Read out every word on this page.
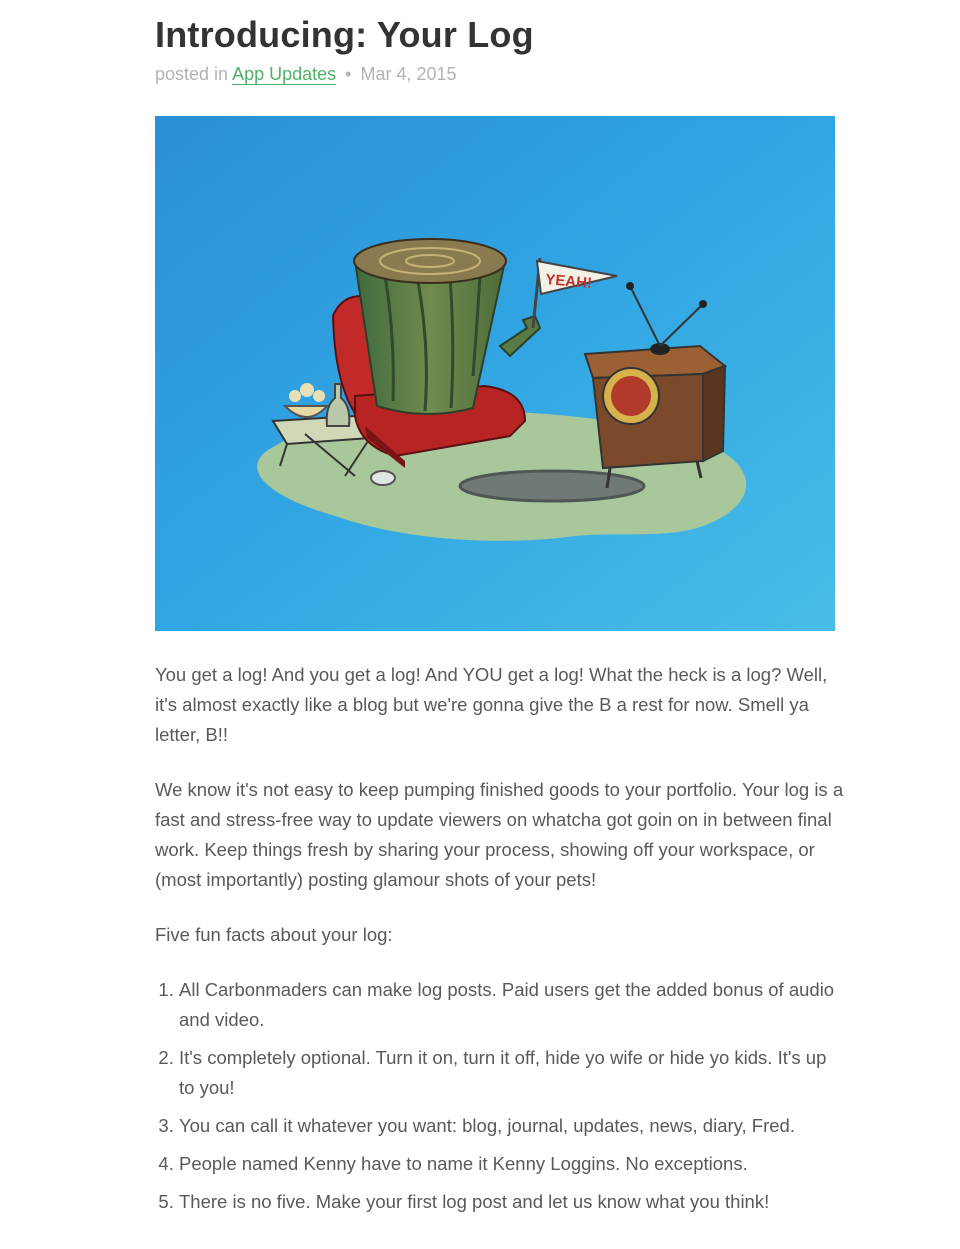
Introducing: Your Log
posted in App Updates • Mar 4, 2015
YEAH!

You get a log! And you get a log! And YOU get a log! What the heck is a log? Well, it's almost exactly like a blog but we're gonna give the B a rest for now. Smell ya letter, B!!

We know it's not easy to keep pumping finished goods to your portfolio. Your log is a fast and stress-free way to update viewers on whatcha got goin on in between final work. Keep things fresh by sharing your process, showing off your workspace, or (most importantly) posting glamour shots of your pets!

Five fun facts about your log:

1. All Carbonmaders can make log posts. Paid users get the added bonus of audio and video.
2. It's completely optional. Turn it on, turn it off, hide yo wife or hide yo kids. It's up to you!
3. You can call it whatever you want: blog, journal, updates, news, diary, Fred.
4. People named Kenny have to name it Kenny Loggins. No exceptions.
5. There is no five. Make your first log post and let us know what you think!
